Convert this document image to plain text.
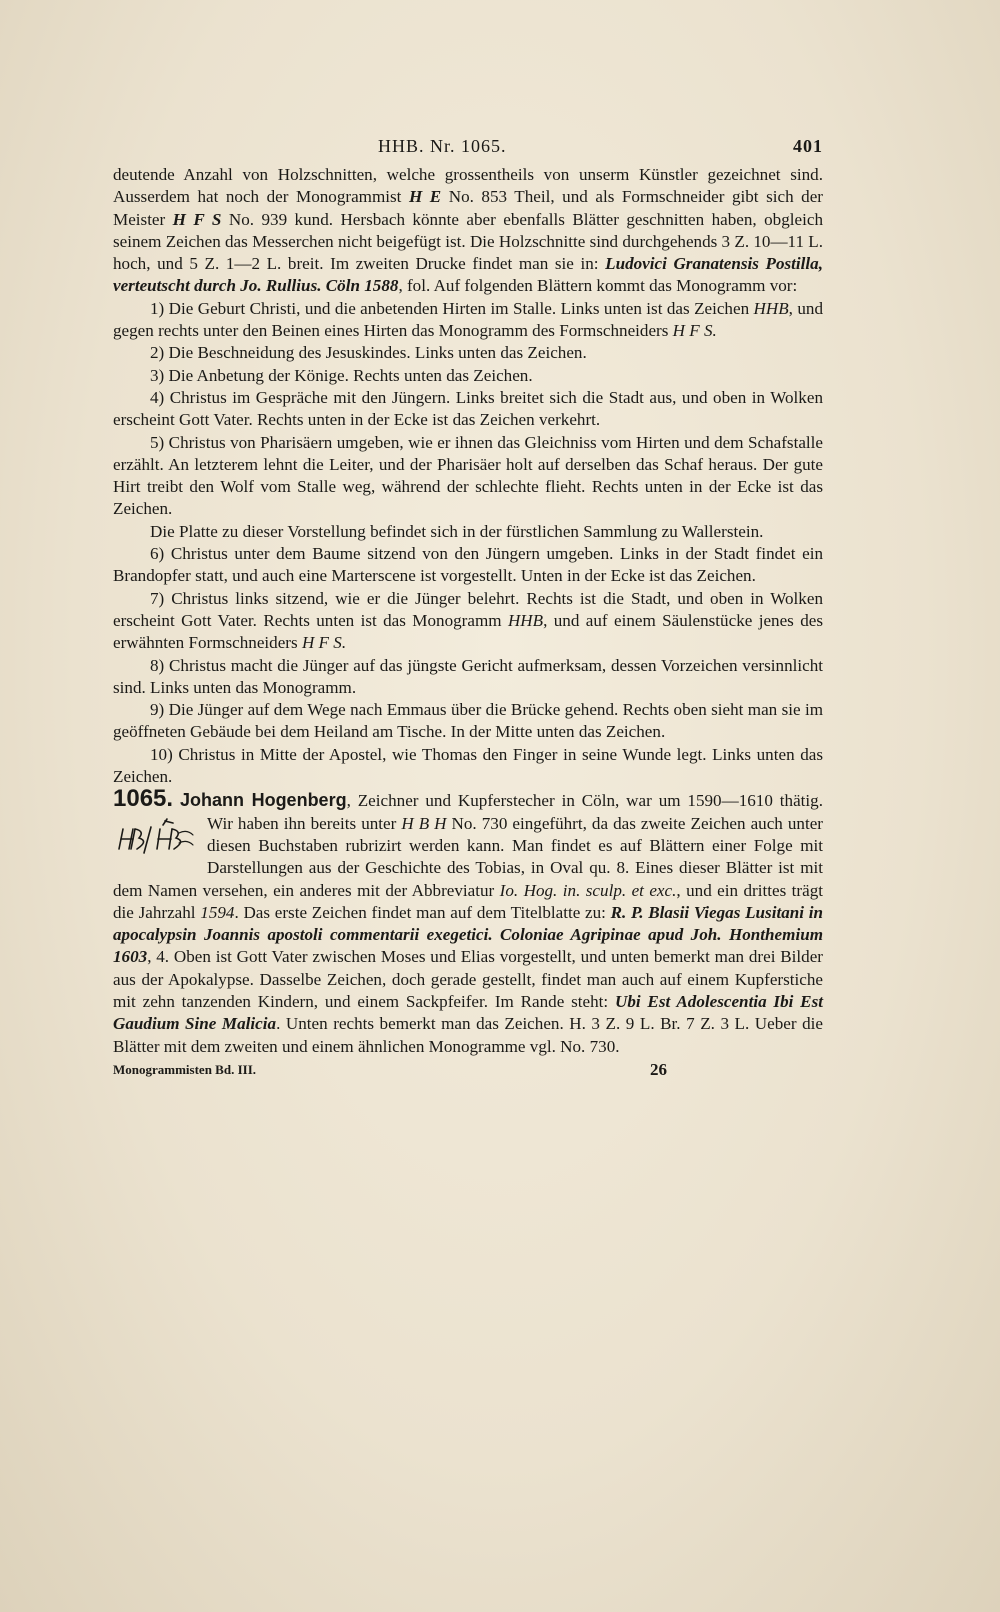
HHB. Nr. 1065.	401

deutende Anzahl von Holzschnitten, welche grossentheils von unserm Künstler gezeichnet sind. Ausserdem hat noch der Monogrammist H E No. 853 Theil, und als Formschneider gibt sich der Meister H F S No. 939 kund. Hersbach könnte aber ebenfalls Blätter geschnitten haben, obgleich seinem Zeichen das Messerchen nicht beigefügt ist. Die Holzschnitte sind durchgehends 3 Z. 10—11 L. hoch, und 5 Z. 1—2 L. breit. Im zweiten Drucke findet man sie in: Ludovici Granatensis Postilla, verteutscht durch Jo. Rullius. Cöln 1588, fol. Auf folgenden Blättern kommt das Monogramm vor:

1) Die Geburt Christi, und die anbetenden Hirten im Stalle. Links unten ist das Zeichen HHB, und gegen rechts unter den Beinen eines Hirten das Monogramm des Formschneiders H F S.

2) Die Beschneidung des Jesuskindes. Links unten das Zeichen.

3) Die Anbetung der Könige. Rechts unten das Zeichen.

4) Christus im Gespräche mit den Jüngern. Links breitet sich die Stadt aus, und oben in Wolken erscheint Gott Vater. Rechts unten in der Ecke ist das Zeichen verkehrt.

5) Christus von Pharisäern umgeben, wie er ihnen das Gleichniss vom Hirten und dem Schafstalle erzählt. An letzterem lehnt die Leiter, und der Pharisäer holt auf derselben das Schaf heraus. Der gute Hirt treibt den Wolf vom Stalle weg, während der schlechte flieht. Rechts unten in der Ecke ist das Zeichen.

Die Platte zu dieser Vorstellung befindet sich in der fürstlichen Sammlung zu Wallerstein.

6) Christus unter dem Baume sitzend von den Jüngern umgeben. Links in der Stadt findet ein Brandopfer statt, und auch eine Marterscene ist vorgestellt. Unten in der Ecke ist das Zeichen.

7) Christus links sitzend, wie er die Jünger belehrt. Rechts ist die Stadt, und oben in Wolken erscheint Gott Vater. Rechts unten ist das Monogramm HHB, und auf einem Säulenstücke jenes des erwähnten Formschneiders H F S.

8) Christus macht die Jünger auf das jüngste Gericht aufmerksam, dessen Vorzeichen versinnlicht sind. Links unten das Monogramm.

9) Die Jünger auf dem Wege nach Emmaus über die Brücke gehend. Rechts oben sieht man sie im geöffneten Gebäude bei dem Heiland am Tische. In der Mitte unten das Zeichen.

10) Christus in Mitte der Apostel, wie Thomas den Finger in seine Wunde legt. Links unten das Zeichen.

1065. Johann Hogenberg, Zeichner und Kupferstecher in Cöln, war um 1590—1610 thätig. Wir haben ihn bereits unter
H B H No. 730 eingeführt, da das zweite Zeichen auch unter diesen Buchstaben rubrizirt werden kann. Man findet es auf Blättern einer Folge mit Darstellungen aus der Geschichte des Tobias, in Oval qu. 8. Eines dieser Blätter ist mit dem Namen versehen, ein anderes mit der Abbreviatur Io. Hog. in. sculp. et exc., und ein drittes trägt die Jahrzahl 1594. Das erste Zeichen findet man auf dem Titelblatte zu: R. P. Blasii Viegas Lusitani in apocalypsin Joannis apostoli commentarii exegetici. Coloniae Agripinae apud Joh. Honthemium 1603, 4. Oben ist Gott Vater zwischen Moses und Elias vorgestellt, und unten bemerkt man drei Bilder aus der Apokalypse. Dasselbe Zeichen, doch gerade gestellt, findet man auch auf einem Kupferstiche mit zehn tanzenden Kindern, und einem Sackpfeifer. Im Rande steht: Ubi Est Adolescentia Ibi Est Gaudium Sine Malicia. Unten rechts bemerkt man das Zeichen. H. 3 Z. 9 L. Br. 7 Z. 3 L. Ueber die Blätter mit dem zweiten und einem ähnlichen Monogramme vgl. No. 730.

Monogrammisten Bd. III.	26
